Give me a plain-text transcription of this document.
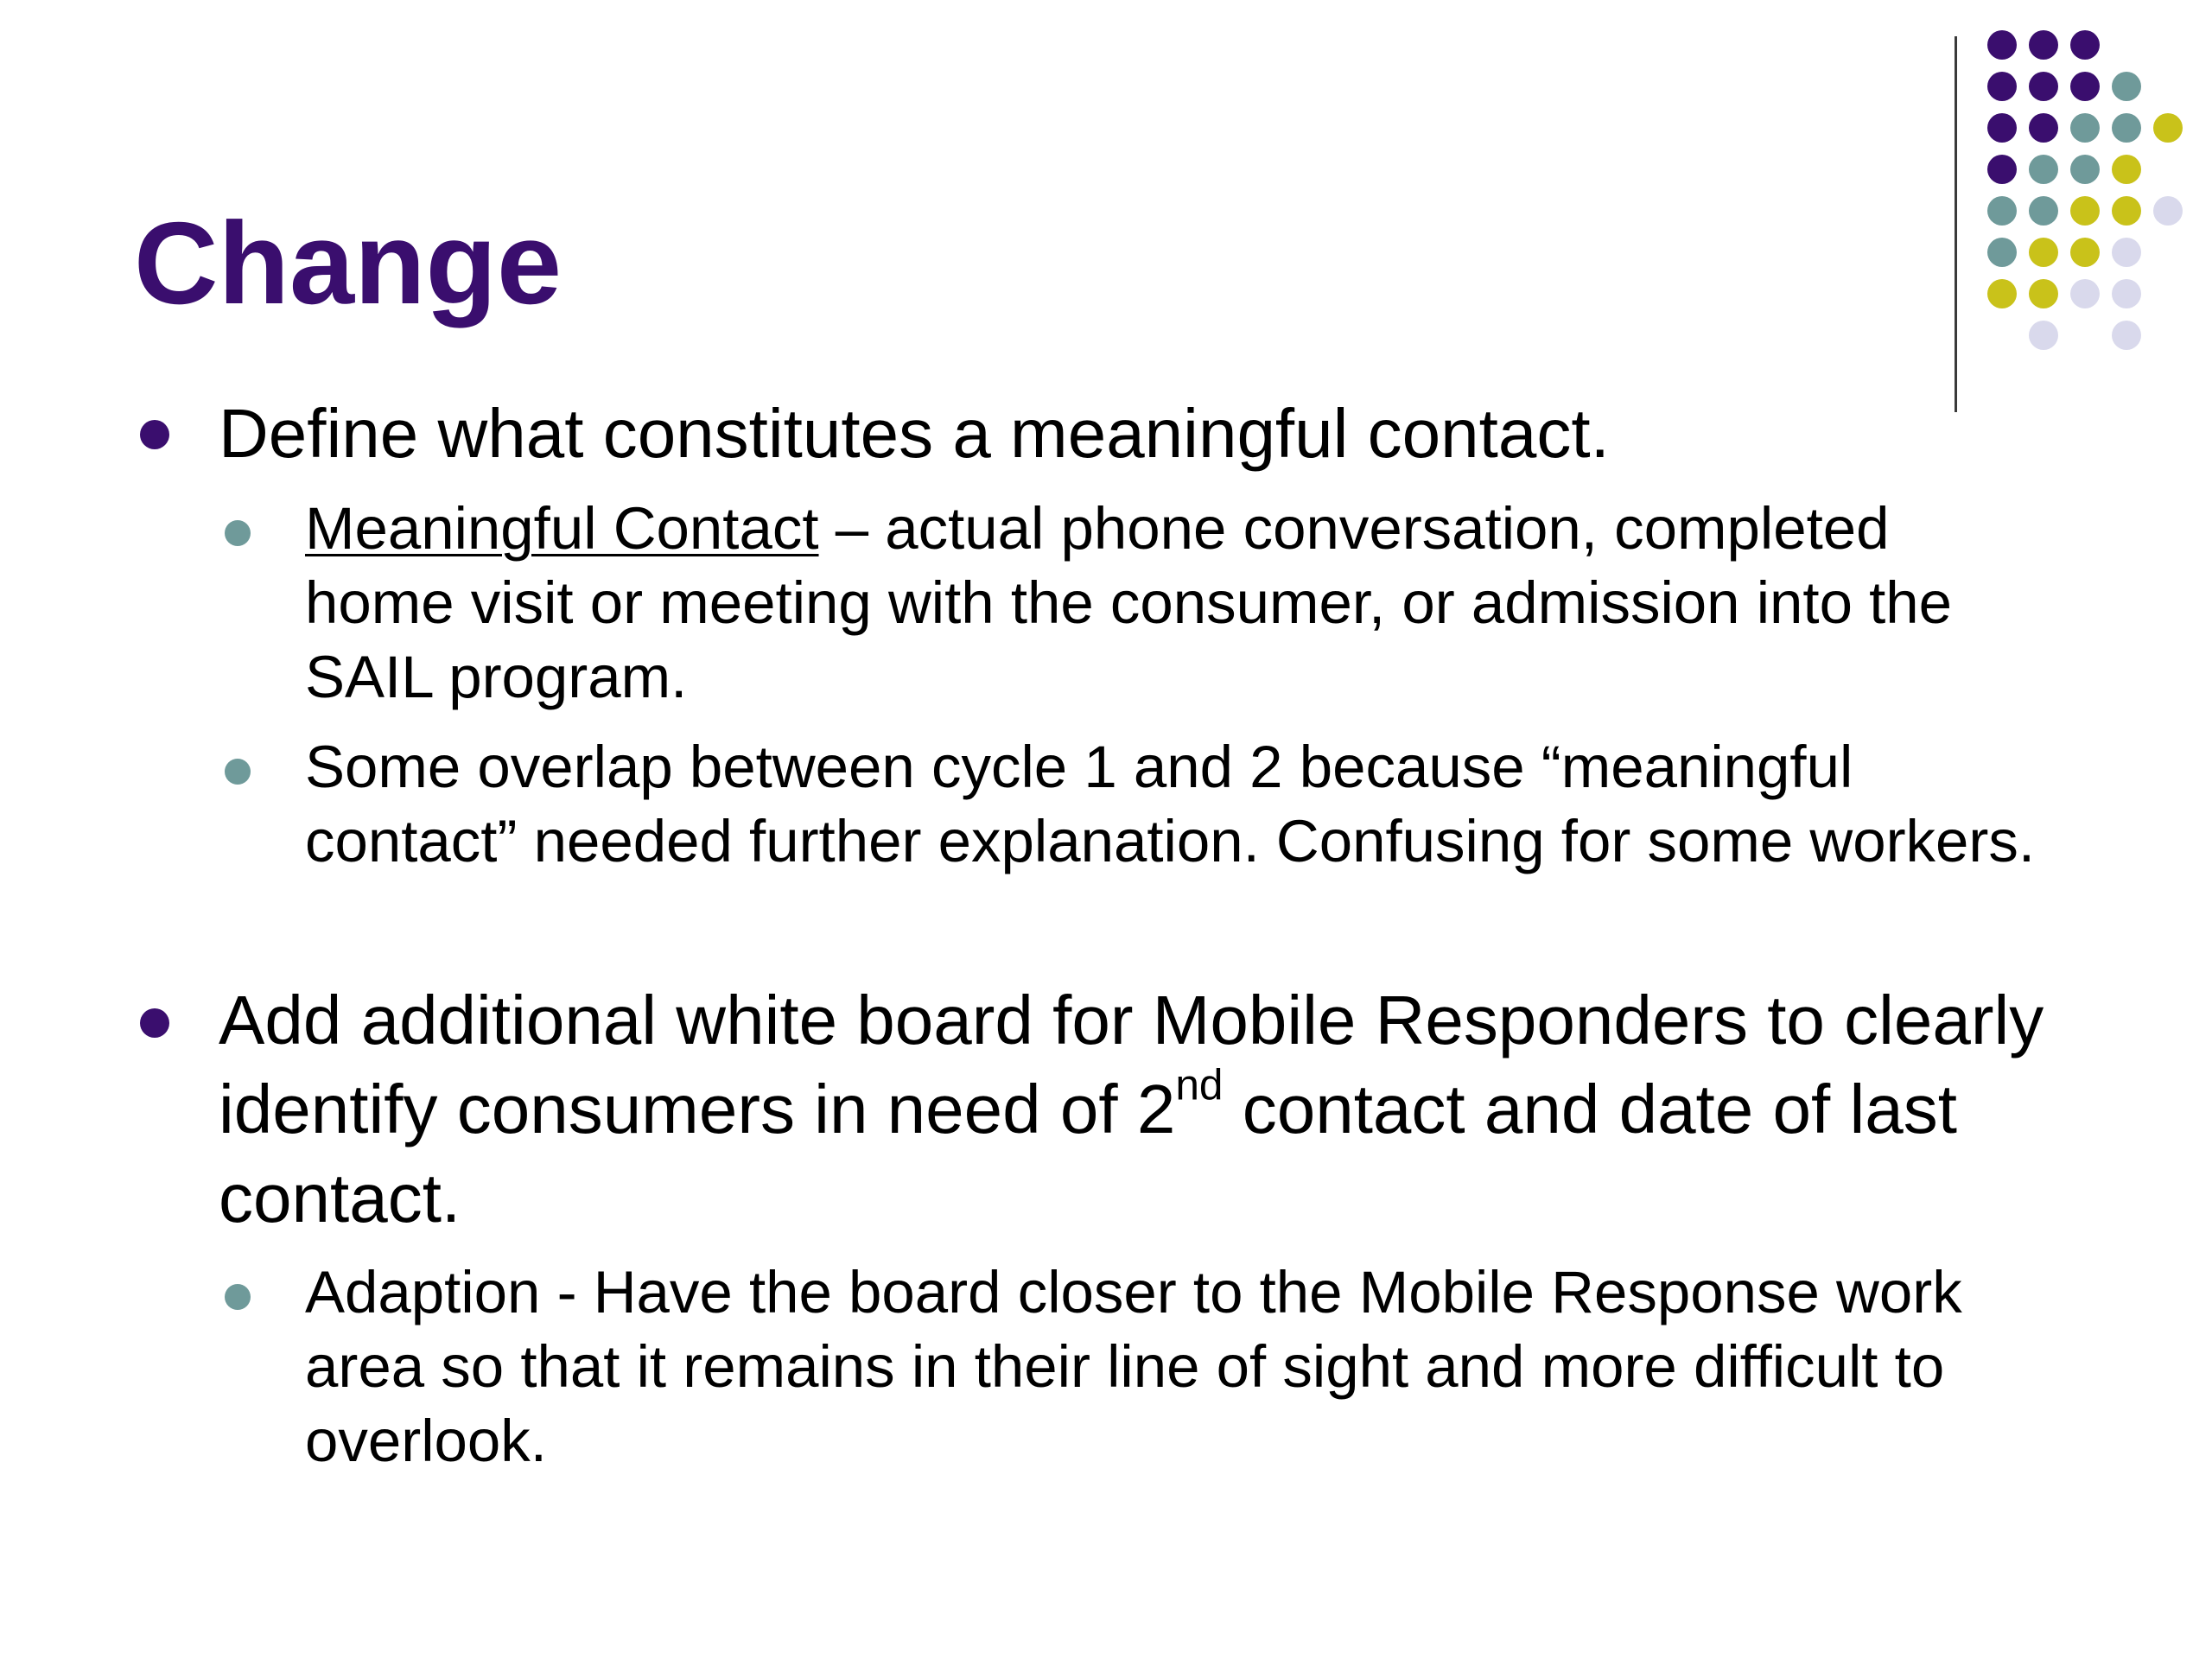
Change
Define what constitutes a meaningful contact.
Meaningful Contact – actual phone conversation, completed home visit or meeting with the consumer, or admission into the SAIL program.
Some overlap between cycle 1 and 2 because “meaningful contact” needed further explanation. Confusing for some workers.
Add additional white board for Mobile Responders to clearly identify consumers in need of 2nd contact and date of last contact.
Adaption - Have the board closer to the Mobile Response work area so that it remains in their line of sight and more difficult to overlook.
